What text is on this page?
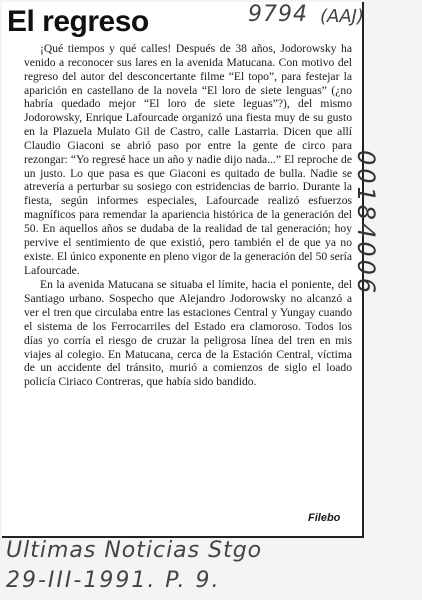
El regreso	9794 (AAJ)

¡Qué tiempos y qué calles! Después de 38 años, Jodorowsky ha venido a reconocer sus lares en la avenida Matucana. Con motivo del regreso del autor del desconcertante filme “El topo”, para festejar la aparición en castellano de la novela “El loro de siete lenguas” (¿no habría quedado mejor “El loro de siete leguas”?), del mismo Jodorowsky, Enrique Lafourcade organizó una fiesta muy de su gusto en la Plazuela Mulato Gil de Castro, calle Lastarria. Dicen que allí Claudio Giaconi se abrió paso por entre la gente de circo para rezongar: “Yo regresé hace un año y nadie dijo nada...” El reproche de un justo. Lo que pasa es que Giaconi es quitado de bulla. Nadie se atrevería a perturbar su sosiego con estridencias de barrio. Durante la fiesta, según informes especiales, Lafourcade realizó esfuerzos magníficos para remendar la apariencia histórica de la generación del 50. En aquellos años se dudaba de la realidad de tal generación; hoy pervive el sentimiento de que existió, pero también el de que ya no existe. El único exponente en pleno vigor de la generación del 50 sería Lafourcade.

En la avenida Matucana se situaba el límite, hacia el poniente, del Santiago urbano. Sospecho que Alejandro Jodorowsky no alcanzó a ver el tren que circulaba entre las estaciones Central y Yungay cuando el sistema de los Ferrocarriles del Estado era clamoroso. Todos los días yo corría el riesgo de cruzar la peligrosa línea del tren en mis viajes al colegio. En Matucana, cerca de la Estación Central, víctima de un accidente del tránsito, murió a comienzos de siglo el loado policía Ciriaco Contreras, que había sido bandido.

Filebo
00184006
Ultimas Noticias Stgo
29-III-1991. P. 9.
